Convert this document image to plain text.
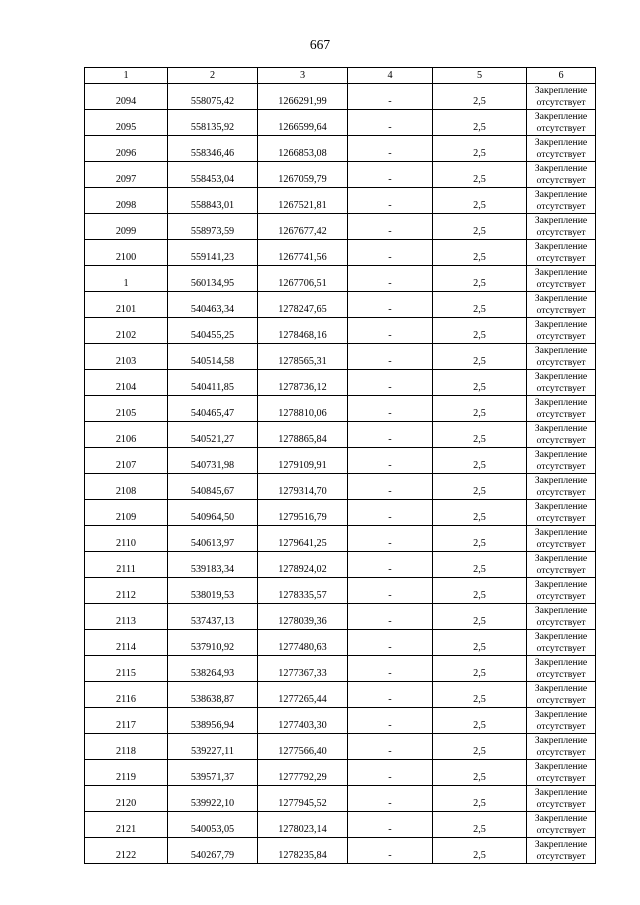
667
1	2	3	4	5	6
2094	558075,42	1266291,99	-	2,5	Закрепление
отсутствует

2095	558135,92	1266599,64	-	2,5	Закрепление
отсутствует

2096	558346,46	1266853,08	-	2,5	Закрепление
отсутствует

2097	558453,04	1267059,79	-	2,5	Закрепление
отсутствует

2098	558843,01	1267521,81	-	2,5	Закрепление
отсутствует

2099	558973,59	1267677,42	-	2,5	Закрепление
отсутствует

2100	559141,23	1267741,56	-	2,5	Закрепление
отсутствует

1	560134,95	1267706,51	-	2,5	Закрепление
отсутствует

2101	540463,34	1278247,65	-	2,5	Закрепление
отсутствует

2102	540455,25	1278468,16	-	2,5	Закрепление
отсутствует

2103	540514,58	1278565,31	-	2,5	Закрепление
отсутствует

2104	540411,85	1278736,12	-	2,5	Закрепление
отсутствует

2105	540465,47	1278810,06	-	2,5	Закрепление
отсутствует

2106	540521,27	1278865,84	-	2,5	Закрепление
отсутствует

2107	540731,98	1279109,91	-	2,5	Закрепление
отсутствует

2108	540845,67	1279314,70	-	2,5	Закрепление
отсутствует

2109	540964,50	1279516,79	-	2,5	Закрепление
отсутствует

2110	540613,97	1279641,25	-	2,5	Закрепление
отсутствует

2111	539183,34	1278924,02	-	2,5	Закрепление
отсутствует

2112	538019,53	1278335,57	-	2,5	Закрепление
отсутствует

2113	537437,13	1278039,36	-	2,5	Закрепление
отсутствует

2114	537910,92	1277480,63	-	2,5	Закрепление
отсутствует

2115	538264,93	1277367,33	-	2,5	Закрепление
отсутствует

2116	538638,87	1277265,44	-	2,5	Закрепление
отсутствует

2117	538956,94	1277403,30	-	2,5	Закрепление
отсутствует

2118	539227,11	1277566,40	-	2,5	Закрепление
отсутствует

2119	539571,37	1277792,29	-	2,5	Закрепление
отсутствует

2120	539922,10	1277945,52	-	2,5	Закрепление
отсутствует

2121	540053,05	1278023,14	-	2,5	Закрепление
отсутствует

2122	540267,79	1278235,84	-	2,5	Закрепление
отсутствует
